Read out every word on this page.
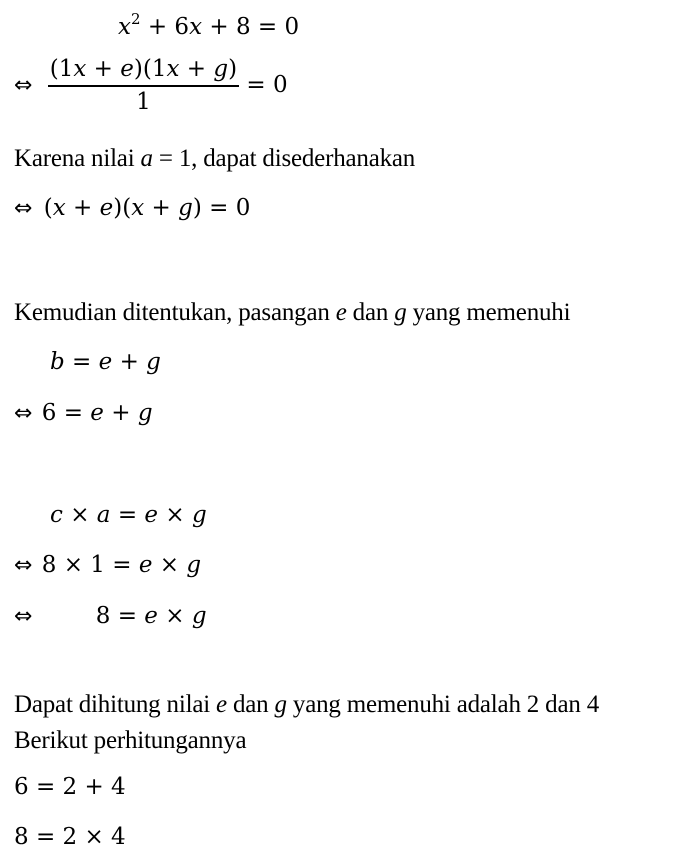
$x^2 + 6x + 8 = 0$
⇔ $\frac{(1x + e)(1x + g)}{1} = 0$
Karena nilai a = 1, dapat disederhanakan
⇔ (x + e)(x + g) = 0
Kemudian ditentukan, pasangan e dan g yang memenuhi
b = e + g
⇔ 6 = e + g
c × a = e × g
⇔ 8 × 1 = e × g
⇔	8 = e × g
Dapat dihitung nilai e dan g yang memenuhi adalah 2 dan 4
Berikut perhitungannya
6 = 2 + 4
8 = 2 × 4
